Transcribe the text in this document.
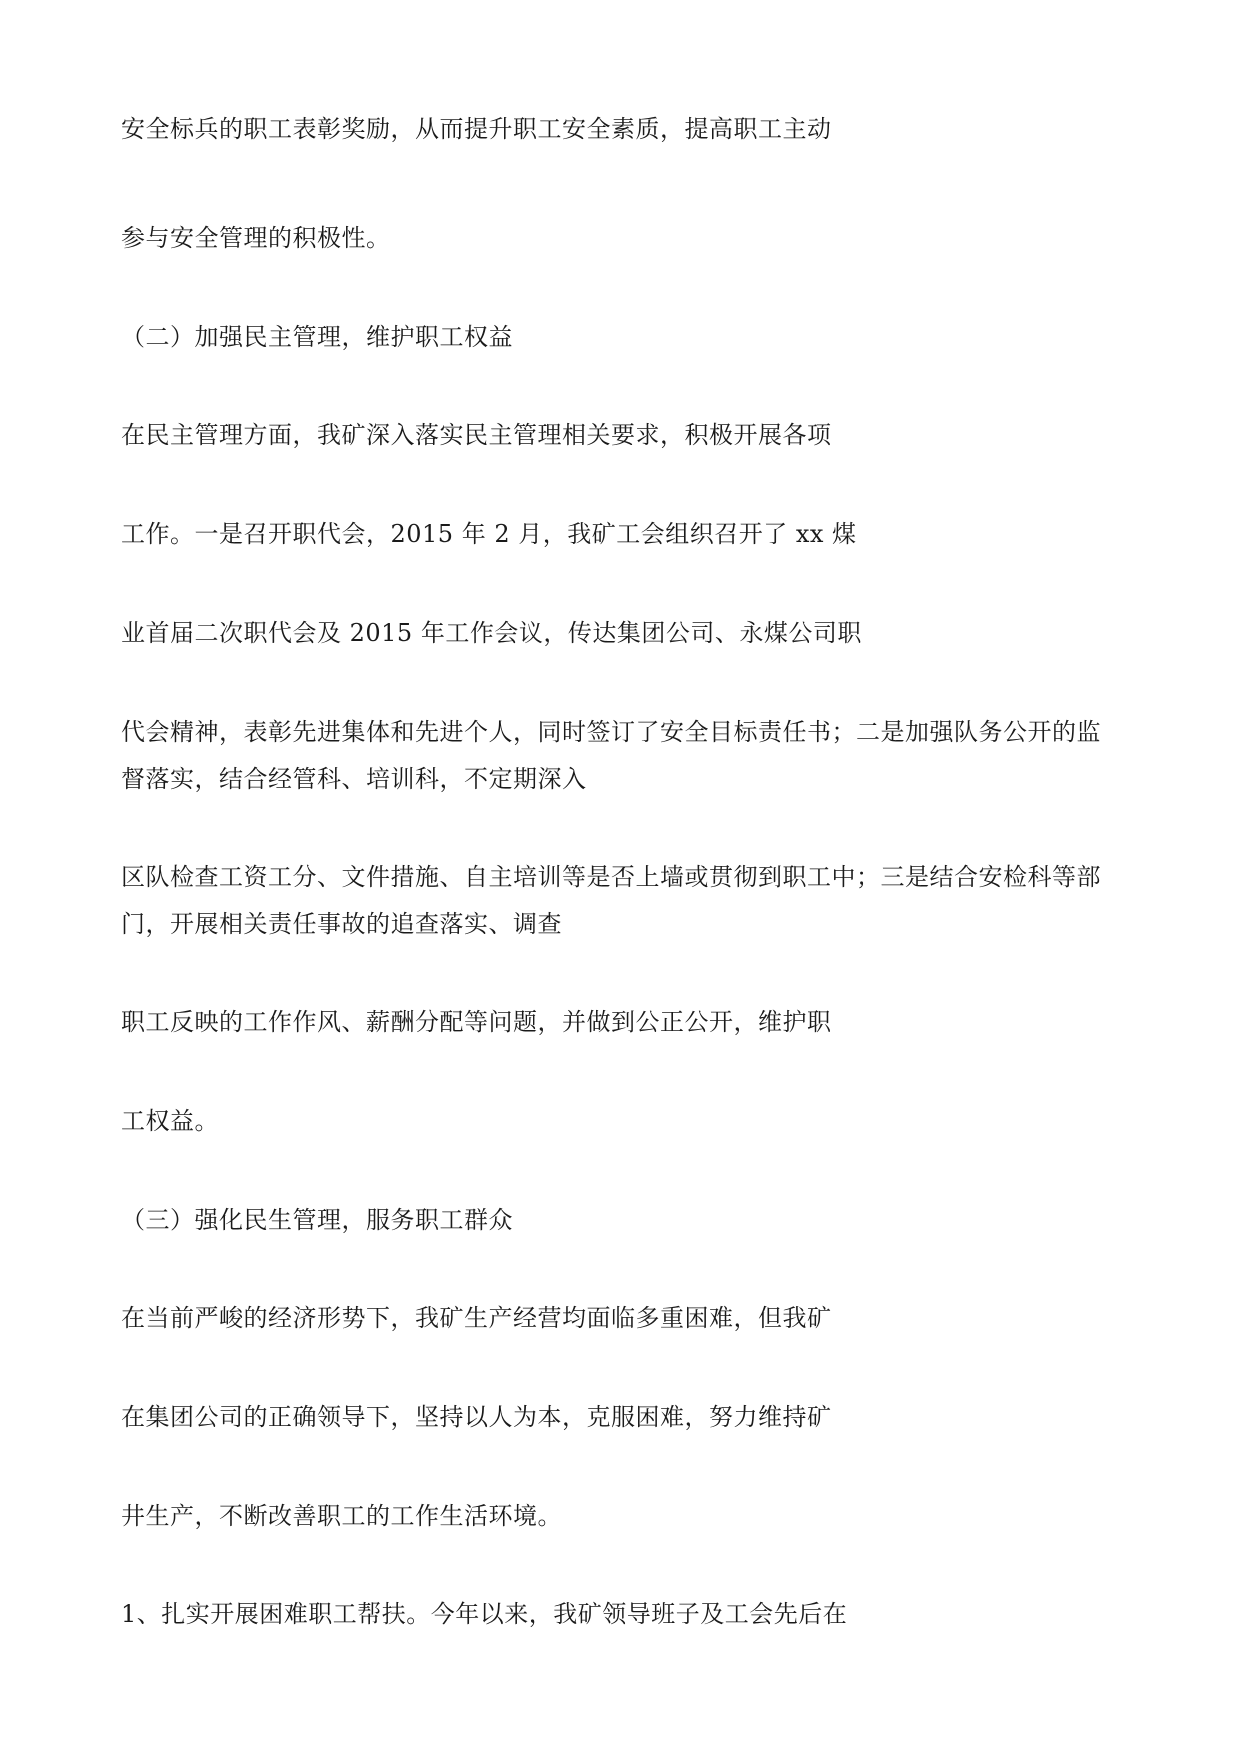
安全标兵的职工表彰奖励，从而提升职工安全素质，提高职工主动
参与安全管理的积极性。
（二）加强民主管理，维护职工权益
在民主管理方面，我矿深入落实民主管理相关要求，积极开展各项
工作。一是召开职代会，2015 年 2 月，我矿工会组织召开了 xx 煤
业首届二次职代会及 2015 年工作会议，传达集团公司、永煤公司职
代会精神，表彰先进集体和先进个人，同时签订了安全目标责任书；二是加强队务公开的监
督落实，结合经管科、培训科，不定期深入
区队检查工资工分、文件措施、自主培训等是否上墙或贯彻到职工中；三是结合安检科等部
门，开展相关责任事故的追查落实、调查
职工反映的工作作风、薪酬分配等问题，并做到公正公开，维护职
工权益。
（三）强化民生管理，服务职工群众
在当前严峻的经济形势下，我矿生产经营均面临多重困难，但我矿
在集团公司的正确领导下，坚持以人为本，克服困难，努力维持矿
井生产，不断改善职工的工作生活环境。
1、扎实开展困难职工帮扶。今年以来，我矿领导班子及工会先后在
